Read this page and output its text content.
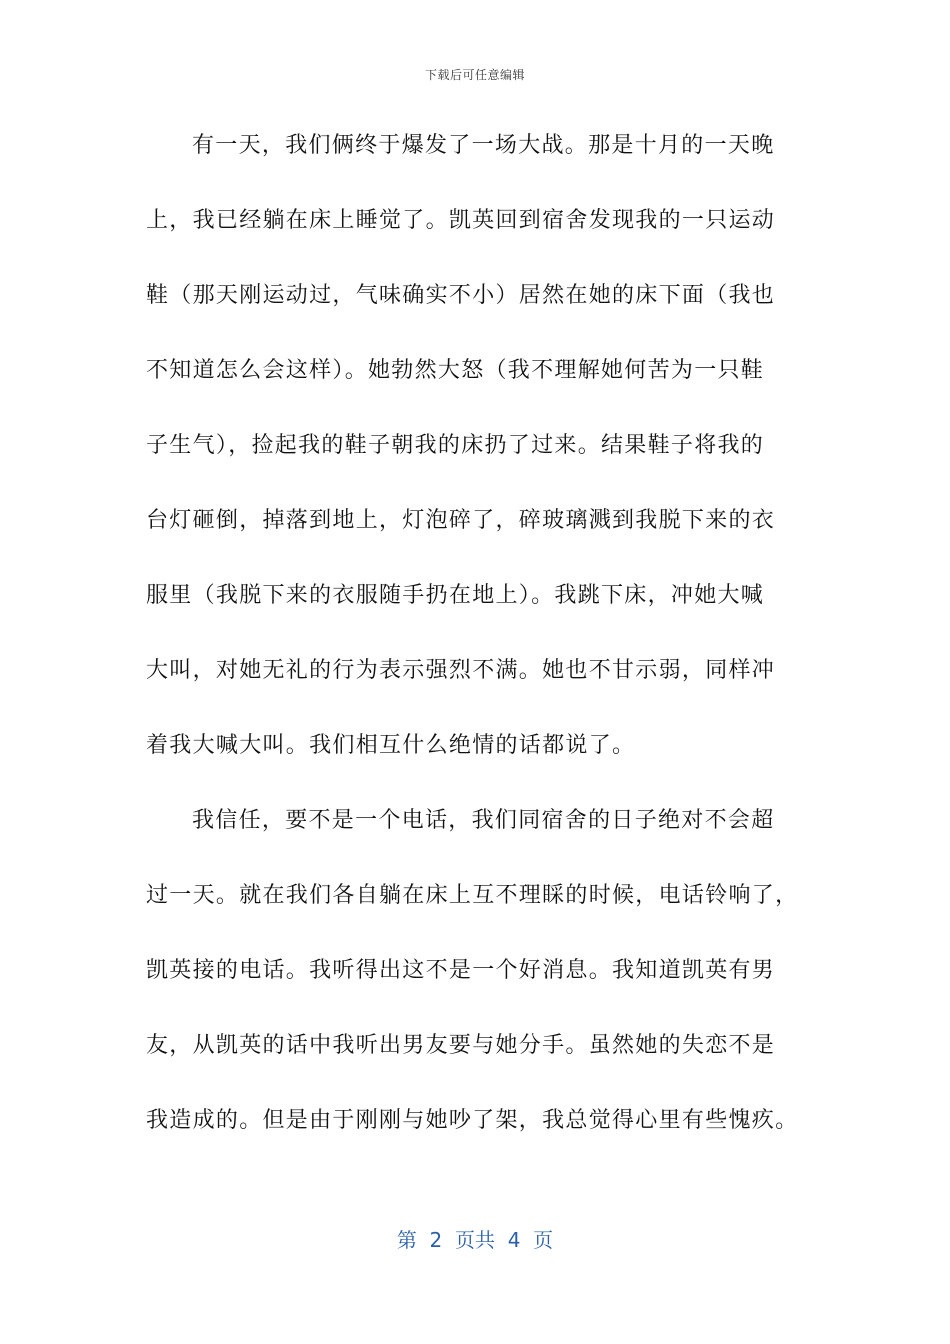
下载后可任意编辑
有一天，我们俩终于爆发了一场大战。那是十月的一天晚
上，我已经躺在床上睡觉了。凯英回到宿舍发现我的一只运动
鞋（那天刚运动过，气味确实不小）居然在她的床下面（我也
不知道怎么会这样）。她勃然大怒（我不理解她何苦为一只鞋
子生气），捡起我的鞋子朝我的床扔了过来。结果鞋子将我的
台灯砸倒，掉落到地上，灯泡碎了，碎玻璃溅到我脱下来的衣
服里（我脱下来的衣服随手扔在地上）。我跳下床，冲她大喊
大叫，对她无礼的行为表示强烈不满。她也不甘示弱，同样冲
着我大喊大叫。我们相互什么绝情的话都说了。
我信任，要不是一个电话，我们同宿舍的日子绝对不会超
过一天。就在我们各自躺在床上互不理睬的时候，电话铃响了，
凯英接的电话。我听得出这不是一个好消息。我知道凯英有男
友，从凯英的话中我听出男友要与她分手。虽然她的失恋不是
我造成的。但是由于刚刚与她吵了架，我总觉得心里有些愧疚。
第  2  页共  4  页
